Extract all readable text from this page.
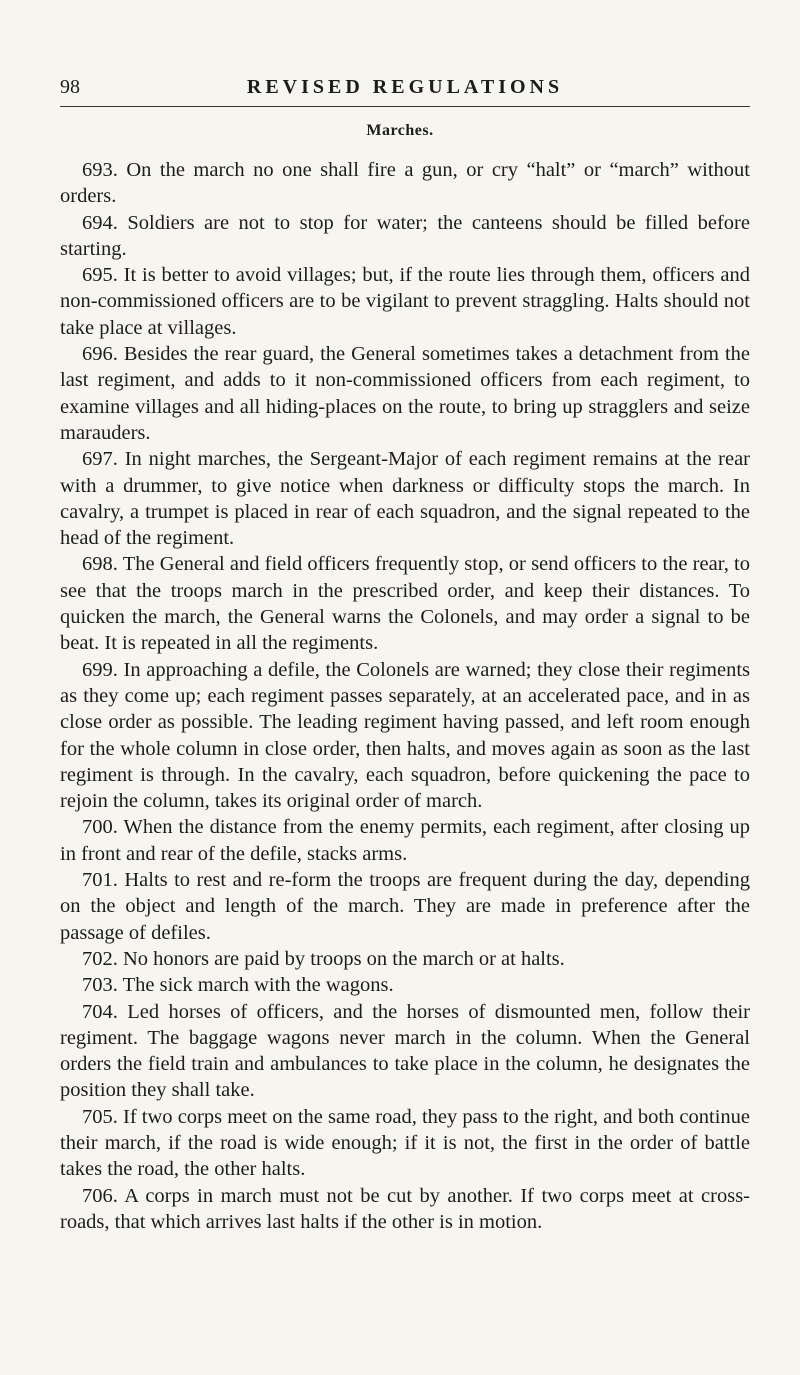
98	REVISED REGULATIONS
Marches.

693. On the march no one shall fire a gun, or cry “halt” or “march” without orders.

694. Soldiers are not to stop for water; the canteens should be filled before starting.

695. It is better to avoid villages; but, if the route lies through them, officers and non-commissioned officers are to be vigilant to prevent straggling. Halts should not take place at villages.

696. Besides the rear guard, the General sometimes takes a detachment from the last regiment, and adds to it non-commissioned officers from each regiment, to examine villages and all hiding-places on the route, to bring up stragglers and seize marauders.

697. In night marches, the Sergeant-Major of each regiment remains at the rear with a drummer, to give notice when darkness or difficulty stops the march. In cavalry, a trumpet is placed in rear of each squadron, and the signal repeated to the head of the regiment.

698. The General and field officers frequently stop, or send officers to the rear, to see that the troops march in the prescribed order, and keep their distances. To quicken the march, the General warns the Colonels, and may order a signal to be beat. It is repeated in all the regiments.

699. In approaching a defile, the Colonels are warned; they close their regiments as they come up; each regiment passes separately, at an accelerated pace, and in as close order as possible. The leading regiment having passed, and left room enough for the whole column in close order, then halts, and moves again as soon as the last regiment is through. In the cavalry, each squadron, before quickening the pace to rejoin the column, takes its original order of march.

700. When the distance from the enemy permits, each regiment, after closing up in front and rear of the defile, stacks arms.

701. Halts to rest and re-form the troops are frequent during the day, depending on the object and length of the march. They are made in preference after the passage of defiles.

702. No honors are paid by troops on the march or at halts.

703. The sick march with the wagons.

704. Led horses of officers, and the horses of dismounted men, follow their regiment. The baggage wagons never march in the column. When the General orders the field train and ambulances to take place in the column, he designates the position they shall take.

705. If two corps meet on the same road, they pass to the right, and both continue their march, if the road is wide enough; if it is not, the first in the order of battle takes the road, the other halts.

706. A corps in march must not be cut by another. If two corps meet at cross-roads, that which arrives last halts if the other is in motion.
